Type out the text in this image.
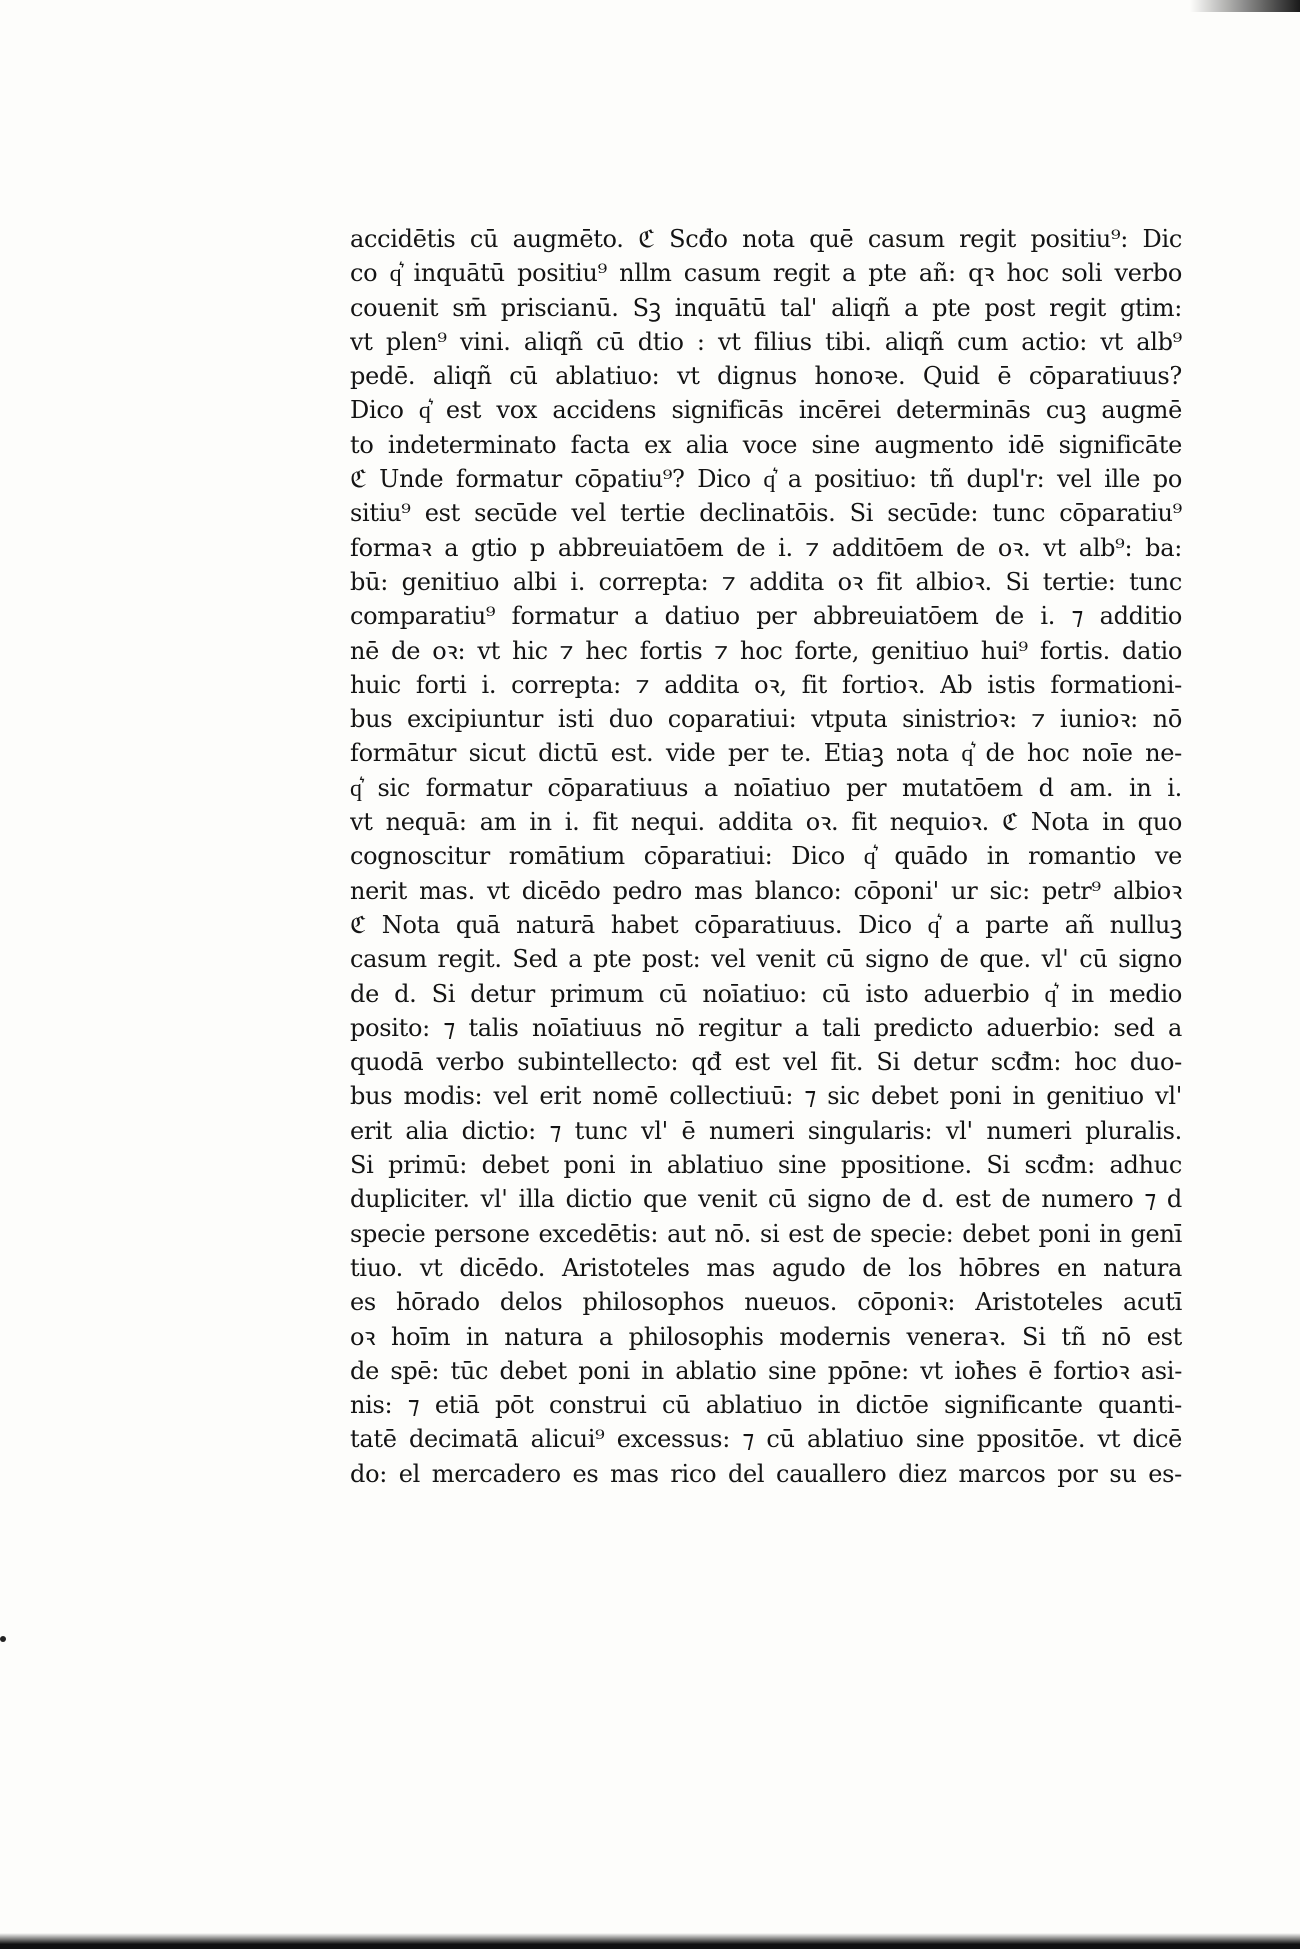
accidētis cū augmēto. ℭ Scđo nota quē casum regit positiu⁹: Dic
co q͛ inquātū positiu⁹ nllm casum regit a pte añ: qꝛ hoc soli verbo
couenit sm̄ priscianū. Sꝫ inquātū tal' aliqñ a pte post regit gtim:
vt plen⁹ vini. aliqñ cū dtio : vt filius tibi. aliqñ cum actio: vt alb⁹
pedē. aliqñ cū ablatiuo: vt dignus honoꝛe. Quid ē cōparatiuus?
Dico q͛ est vox accidens significās incērei determinās cuꝫ augmē
to indeterminato facta ex alia voce sine augmento idē significāte
ℭ Unde formatur cōpatiu⁹? Dico q͛ a positiuo: tñ dupl'r: vel ille po
sitiu⁹ est secūde vel tertie declinatōis. Si secūde: tunc cōparatiu⁹
formaꝛ a gtio p abbreuiatōem de i. ⁊ additōem de oꝛ. vt alb⁹: ba:
bū: genitiuo albi i. correpta: ⁊ addita oꝛ fit albioꝛ. Si tertie: tunc
comparatiu⁹ formatur a datiuo per abbreuiatōem de i. ⁊ additio
nē de oꝛ: vt hic ⁊ hec fortis ⁊ hoc forte, genitiuo hui⁹ fortis. datio
huic forti i. correpta: ⁊ addita oꝛ, fit fortioꝛ. Ab istis formationi-
bus excipiuntur isti duo coparatiui: vtputa sinistrioꝛ: ⁊ iunioꝛ: nō
formātur sicut dictū est. vide per te. Etiaꝫ nota q͛ de hoc noīe ne-
q͛ sic formatur cōparatiuus a noīatiuo per mutatōem d am. in i.
vt nequā: am in i. fit nequi. addita oꝛ. fit nequioꝛ. ℭ Nota in quo
cognoscitur romātium cōparatiui: Dico q͛ quādo in romantio ve
nerit mas. vt dicēdo pedro mas blanco: cōponi' ur sic: petr⁹ albioꝛ
ℭ Nota quā naturā habet cōparatiuus. Dico q͛ a parte añ nulluꝫ
casum regit. Sed a pte post: vel venit cū signo de que. vl' cū signo
de d. Si detur primum cū noīatiuo: cū isto aduerbio q͛ in medio
posito: ⁊ talis noīatiuus nō regitur a tali predicto aduerbio: sed a
quodā verbo subintellecto: qđ est vel fit. Si detur scđm: hoc duo-
bus modis: vel erit nomē collectiuū: ⁊ sic debet poni in genitiuo vl'
erit alia dictio: ⁊ tunc vl' ē numeri singularis: vl' numeri pluralis.
Si primū: debet poni in ablatiuo sine ppositione. Si scđm: adhuc
dupliciter. vl' illa dictio que venit cū signo de d. est de numero ⁊ d
specie persone excedētis: aut nō. si est de specie: debet poni in genī
tiuo. vt dicēdo. Aristoteles mas agudo de los hōbres en natura
es hōrado delos philosophos nueuos. cōponiꝛ: Aristoteles acutī
oꝛ hoīm in natura a philosophis modernis veneraꝛ. Si tñ nō est
de spē: tūc debet poni in ablatio sine ppōne: vt ioħes ē fortioꝛ asi-
nis: ⁊ etiā pōt construi cū ablatiuo in dictōe significante quanti-
tatē decimatā alicui⁹ excessus: ⁊ cū ablatiuo sine ppositōe. vt dicē
do: el mercadero es mas rico del cauallero diez marcos por su es-
